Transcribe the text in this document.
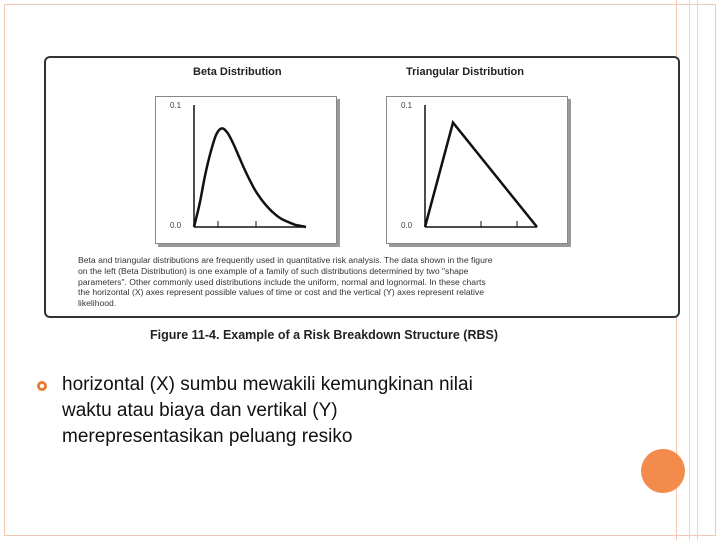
Beta Distribution
0.1
0.0
Triangular Distribution
0.1
0.0
Beta and triangular distributions are frequently used in quantitative risk analysis. The data shown in the figure
on the left (Beta Distribution) is one example of a family of such distributions determined by two "shape
parameters". Other commonly used distributions include the uniform, normal and lognormal. In these charts
the horizontal (X) axes represent possible values of time or cost and the vertical (Y) axes represent relative
likelihood.
Figure 11-4. Example of a Risk Breakdown Structure (RBS)
horizontal (X) sumbu mewakili kemungkinan nilai
waktu atau biaya dan vertikal (Y)
merepresentasikan peluang resiko
